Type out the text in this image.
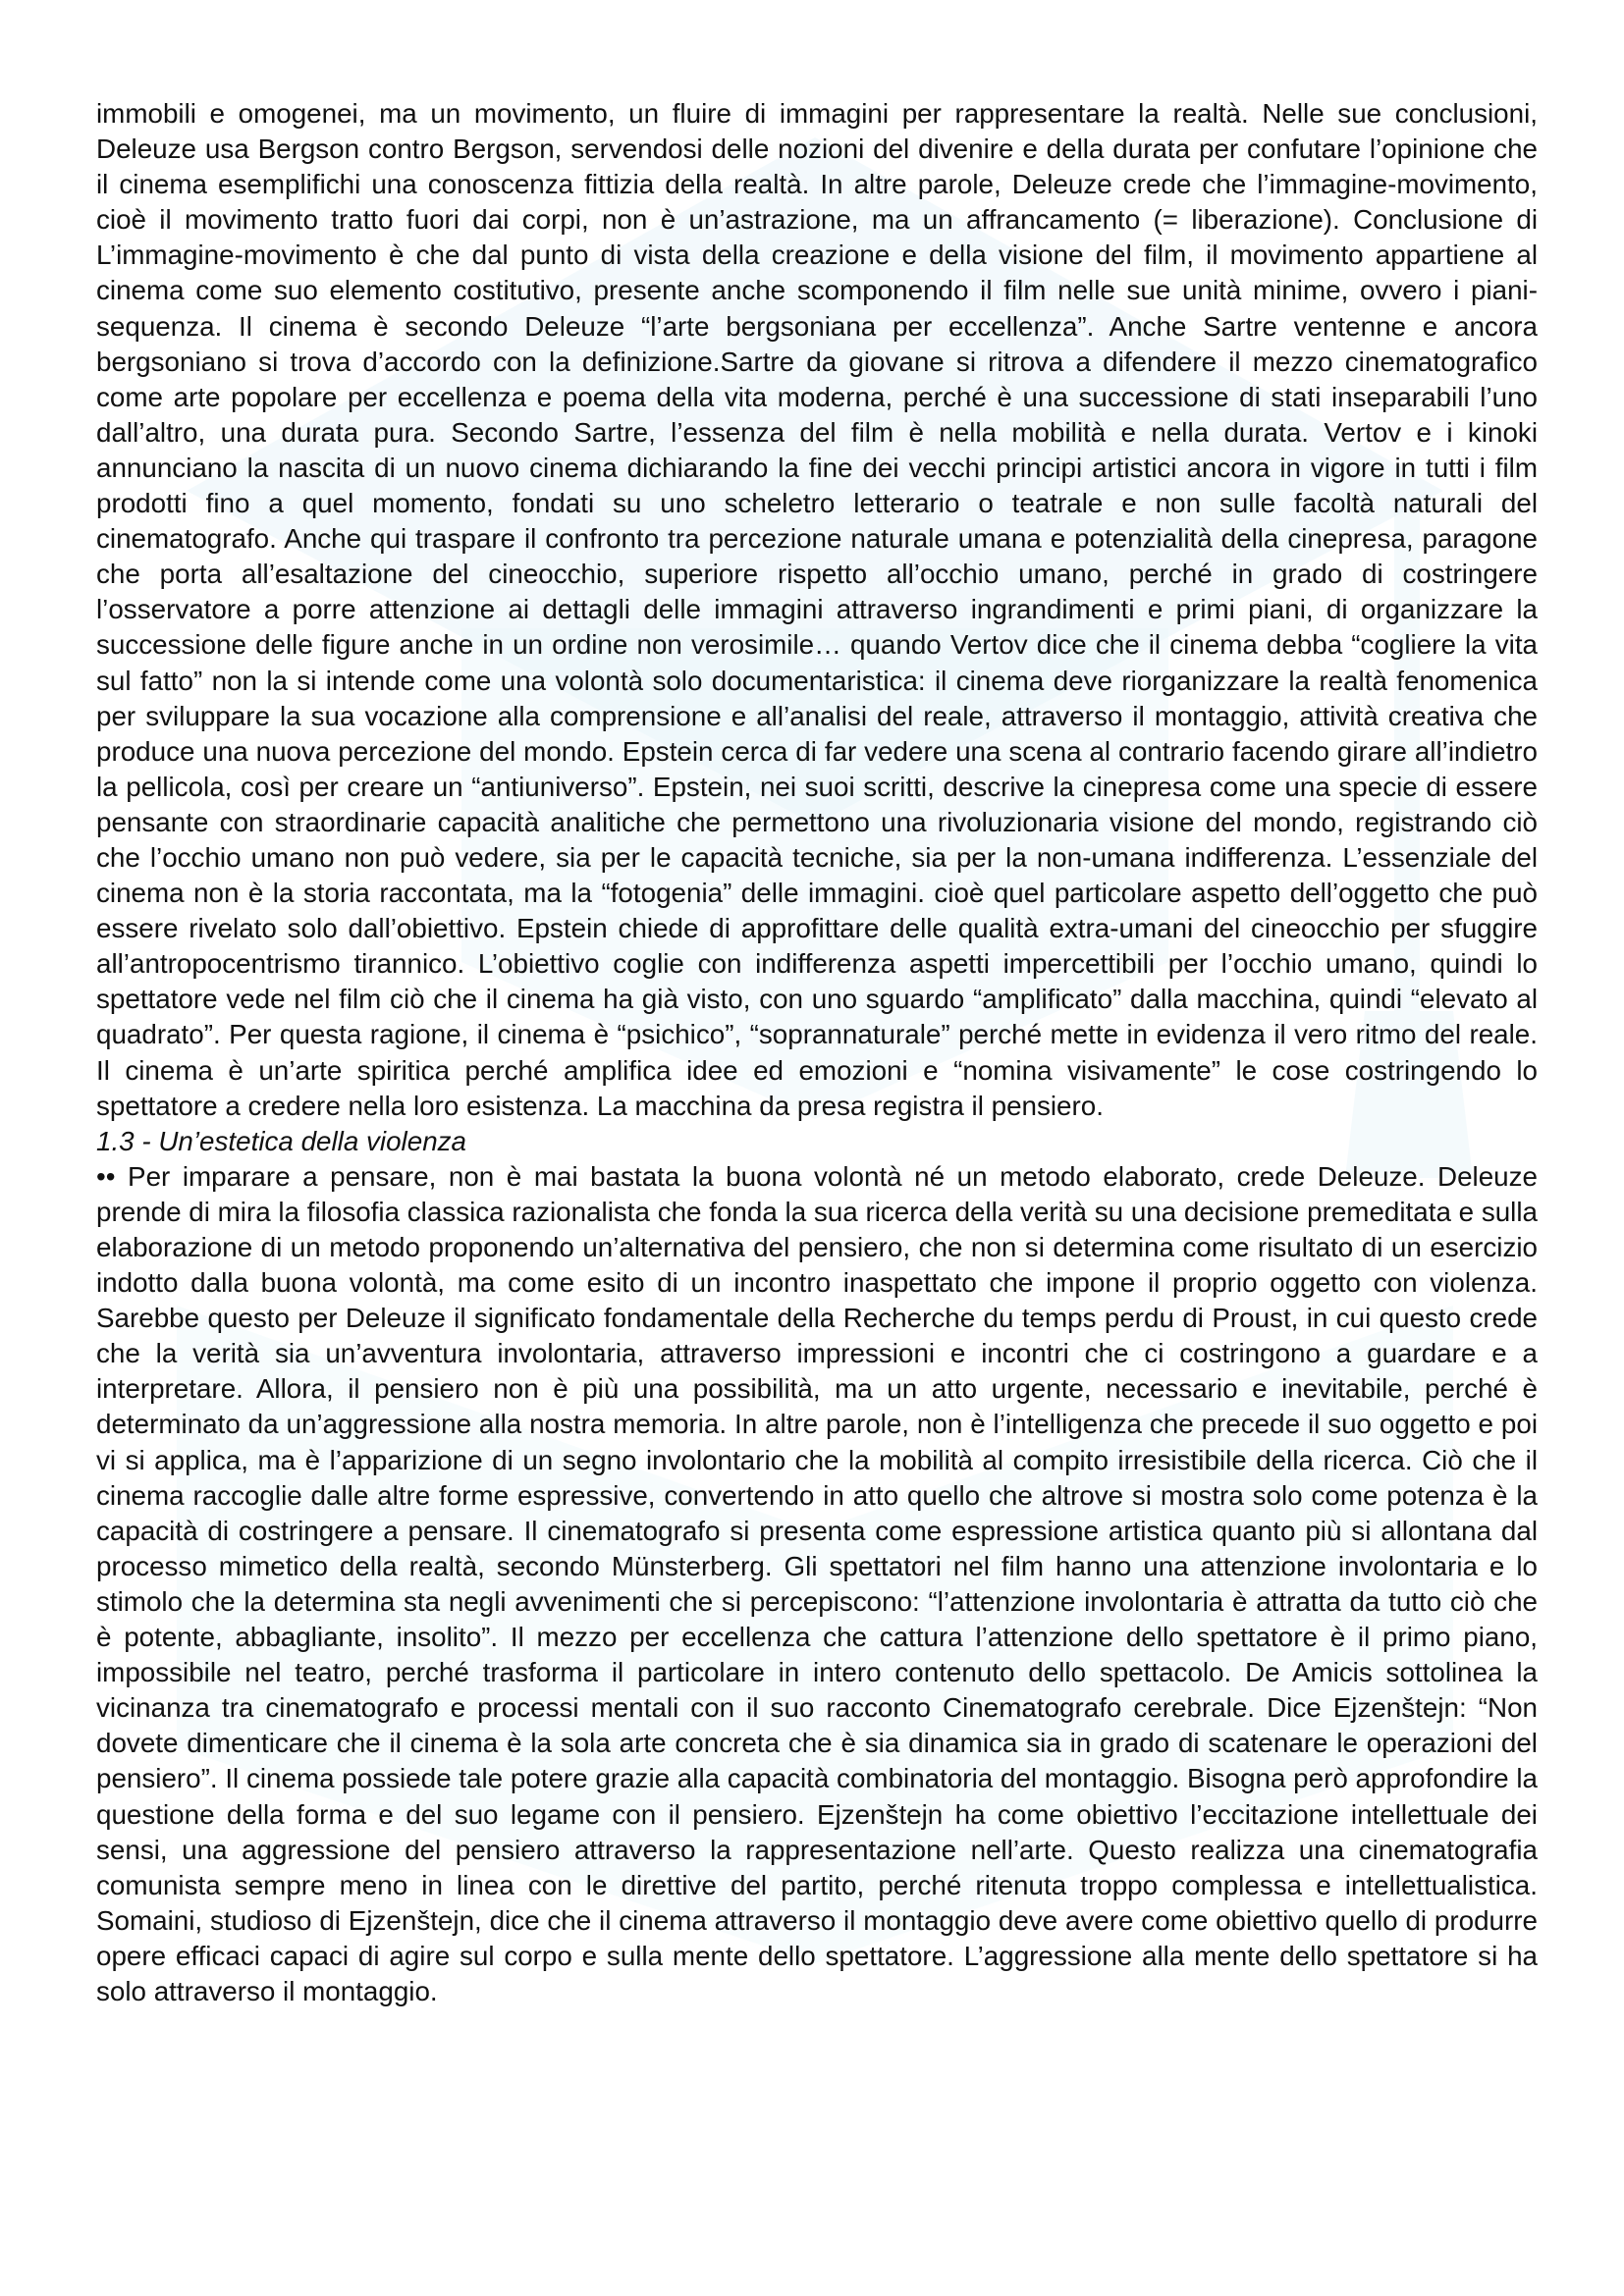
immobili e omogenei, ma un movimento, un fluire di immagini per rappresentare la realtà. Nelle sue conclusioni, Deleuze usa Bergson contro Bergson, servendosi delle nozioni del divenire e della durata per confutare l’opinione che il cinema esemplifichi una conoscenza fittizia della realtà. In altre parole, Deleuze crede che l’immagine-movimento, cioè il movimento tratto fuori dai corpi, non è un’astrazione, ma un affrancamento (= liberazione). Conclusione di L’immagine-movimento è che dal punto di vista della creazione e della visione del film, il movimento appartiene al cinema come suo elemento costitutivo, presente anche scomponendo il film nelle sue unità minime, ovvero i piani-sequenza. Il cinema è secondo Deleuze “l’arte bergsoniana per eccellenza”. Anche Sartre ventenne e ancora bergsoniano si trova d’accordo con la definizione.Sartre da giovane si ritrova a difendere il mezzo cinematografico come arte popolare per eccellenza e poema della vita moderna, perché è una successione di stati inseparabili l’uno dall’altro, una durata pura. Secondo Sartre, l’essenza del film è nella mobilità e nella durata. Vertov e i kinoki annunciano la nascita di un nuovo cinema dichiarando la fine dei vecchi principi artistici ancora in vigore in tutti i film prodotti fino a quel momento, fondati su uno scheletro letterario o teatrale e non sulle facoltà naturali del cinematografo. Anche qui traspare il confronto tra percezione naturale umana e potenzialità della cinepresa, paragone che porta all’esaltazione del cineocchio, superiore rispetto all’occhio umano, perché in grado di costringere l’osservatore a porre attenzione ai dettagli delle immagini attraverso ingrandimenti e primi piani, di organizzare la successione delle figure anche in un ordine non verosimile… quando Vertov dice che il cinema debba “cogliere la vita sul fatto” non la si intende come una volontà solo documentaristica: il cinema deve riorganizzare la realtà fenomenica per sviluppare la sua vocazione alla comprensione e all’analisi del reale, attraverso il montaggio, attività creativa che produce una nuova percezione del mondo. Epstein cerca di far vedere una scena al contrario facendo girare all’indietro la pellicola, così per creare un “antiuniverso”. Epstein, nei suoi scritti, descrive la cinepresa come una specie di essere pensante con straordinarie capacità analitiche che permettono una rivoluzionaria visione del mondo, registrando ciò che l’occhio umano non può vedere, sia per le capacità tecniche, sia per la non-umana indifferenza. L’essenziale del cinema non è la storia raccontata, ma la “fotogenia” delle immagini. cioè quel particolare aspetto dell’oggetto che può essere rivelato solo dall’obiettivo. Epstein chiede di approfittare delle qualità extra-umani del cineocchio per sfuggire all’antropocentrismo tirannico. L’obiettivo coglie con indifferenza aspetti impercettibili per l’occhio umano, quindi lo spettatore vede nel film ciò che il cinema ha già visto, con uno sguardo “amplificato” dalla macchina, quindi “elevato al quadrato”. Per questa ragione, il cinema è “psichico”, “soprannaturale” perché mette in evidenza il vero ritmo del reale. Il cinema è un’arte spiritica perché amplifica idee ed emozioni e “nomina visivamente” le cose costringendo lo spettatore a credere nella loro esistenza. La macchina da presa registra il pensiero.

1.3 - Un’estetica della violenza

•• Per imparare a pensare, non è mai bastata la buona volontà né un metodo elaborato, crede Deleuze. Deleuze prende di mira la filosofia classica razionalista che fonda la sua ricerca della verità su una decisione premeditata e sulla elaborazione di un metodo proponendo un’alternativa del pensiero, che non si determina come risultato di un esercizio indotto dalla buona volontà, ma come esito di un incontro inaspettato che impone il proprio oggetto con violenza. Sarebbe questo per Deleuze il significato fondamentale della Recherche du temps perdu di Proust, in cui questo crede che la verità sia un’avventura involontaria, attraverso impressioni e incontri che ci costringono a guardare e a interpretare. Allora, il pensiero non è più una possibilità, ma un atto urgente, necessario e inevitabile, perché è determinato da un’aggressione alla nostra memoria. In altre parole, non è l’intelligenza che precede il suo oggetto e poi vi si applica, ma è l’apparizione di un segno involontario che la mobilità al compito irresistibile della ricerca. Ciò che il cinema raccoglie dalle altre forme espressive, convertendo in atto quello che altrove si mostra solo come potenza è la capacità di costringere a pensare. Il cinematografo si presenta come espressione artistica quanto più si allontana dal processo mimetico della realtà, secondo Münsterberg. Gli spettatori nel film hanno una attenzione involontaria e lo stimolo che la determina sta negli avvenimenti che si percepiscono: “l’attenzione involontaria è attratta da tutto ciò che è potente, abbagliante, insolito”. Il mezzo per eccellenza che cattura l’attenzione dello spettatore è il primo piano, impossibile nel teatro, perché trasforma il particolare in intero contenuto dello spettacolo. De Amicis sottolinea la vicinanza tra cinematografo e processi mentali con il suo racconto Cinematografo cerebrale. Dice Ejzenštejn: “Non dovete dimenticare che il cinema è la sola arte concreta che è sia dinamica sia in grado di scatenare le operazioni del pensiero”. Il cinema possiede tale potere grazie alla capacità combinatoria del montaggio. Bisogna però approfondire la questione della forma e del suo legame con il pensiero. Ejzenštejn ha come obiettivo l’eccitazione intellettuale dei sensi, una aggressione del pensiero attraverso la rappresentazione nell’arte. Questo realizza una cinematografia comunista sempre meno in linea con le direttive del partito, perché ritenuta troppo complessa e intellettualistica. Somaini, studioso di Ejzenštejn, dice che il cinema attraverso il montaggio deve avere come obiettivo quello di produrre opere efficaci capaci di agire sul corpo e sulla mente dello spettatore. L’aggressione alla mente dello spettatore si ha solo attraverso il montaggio.
